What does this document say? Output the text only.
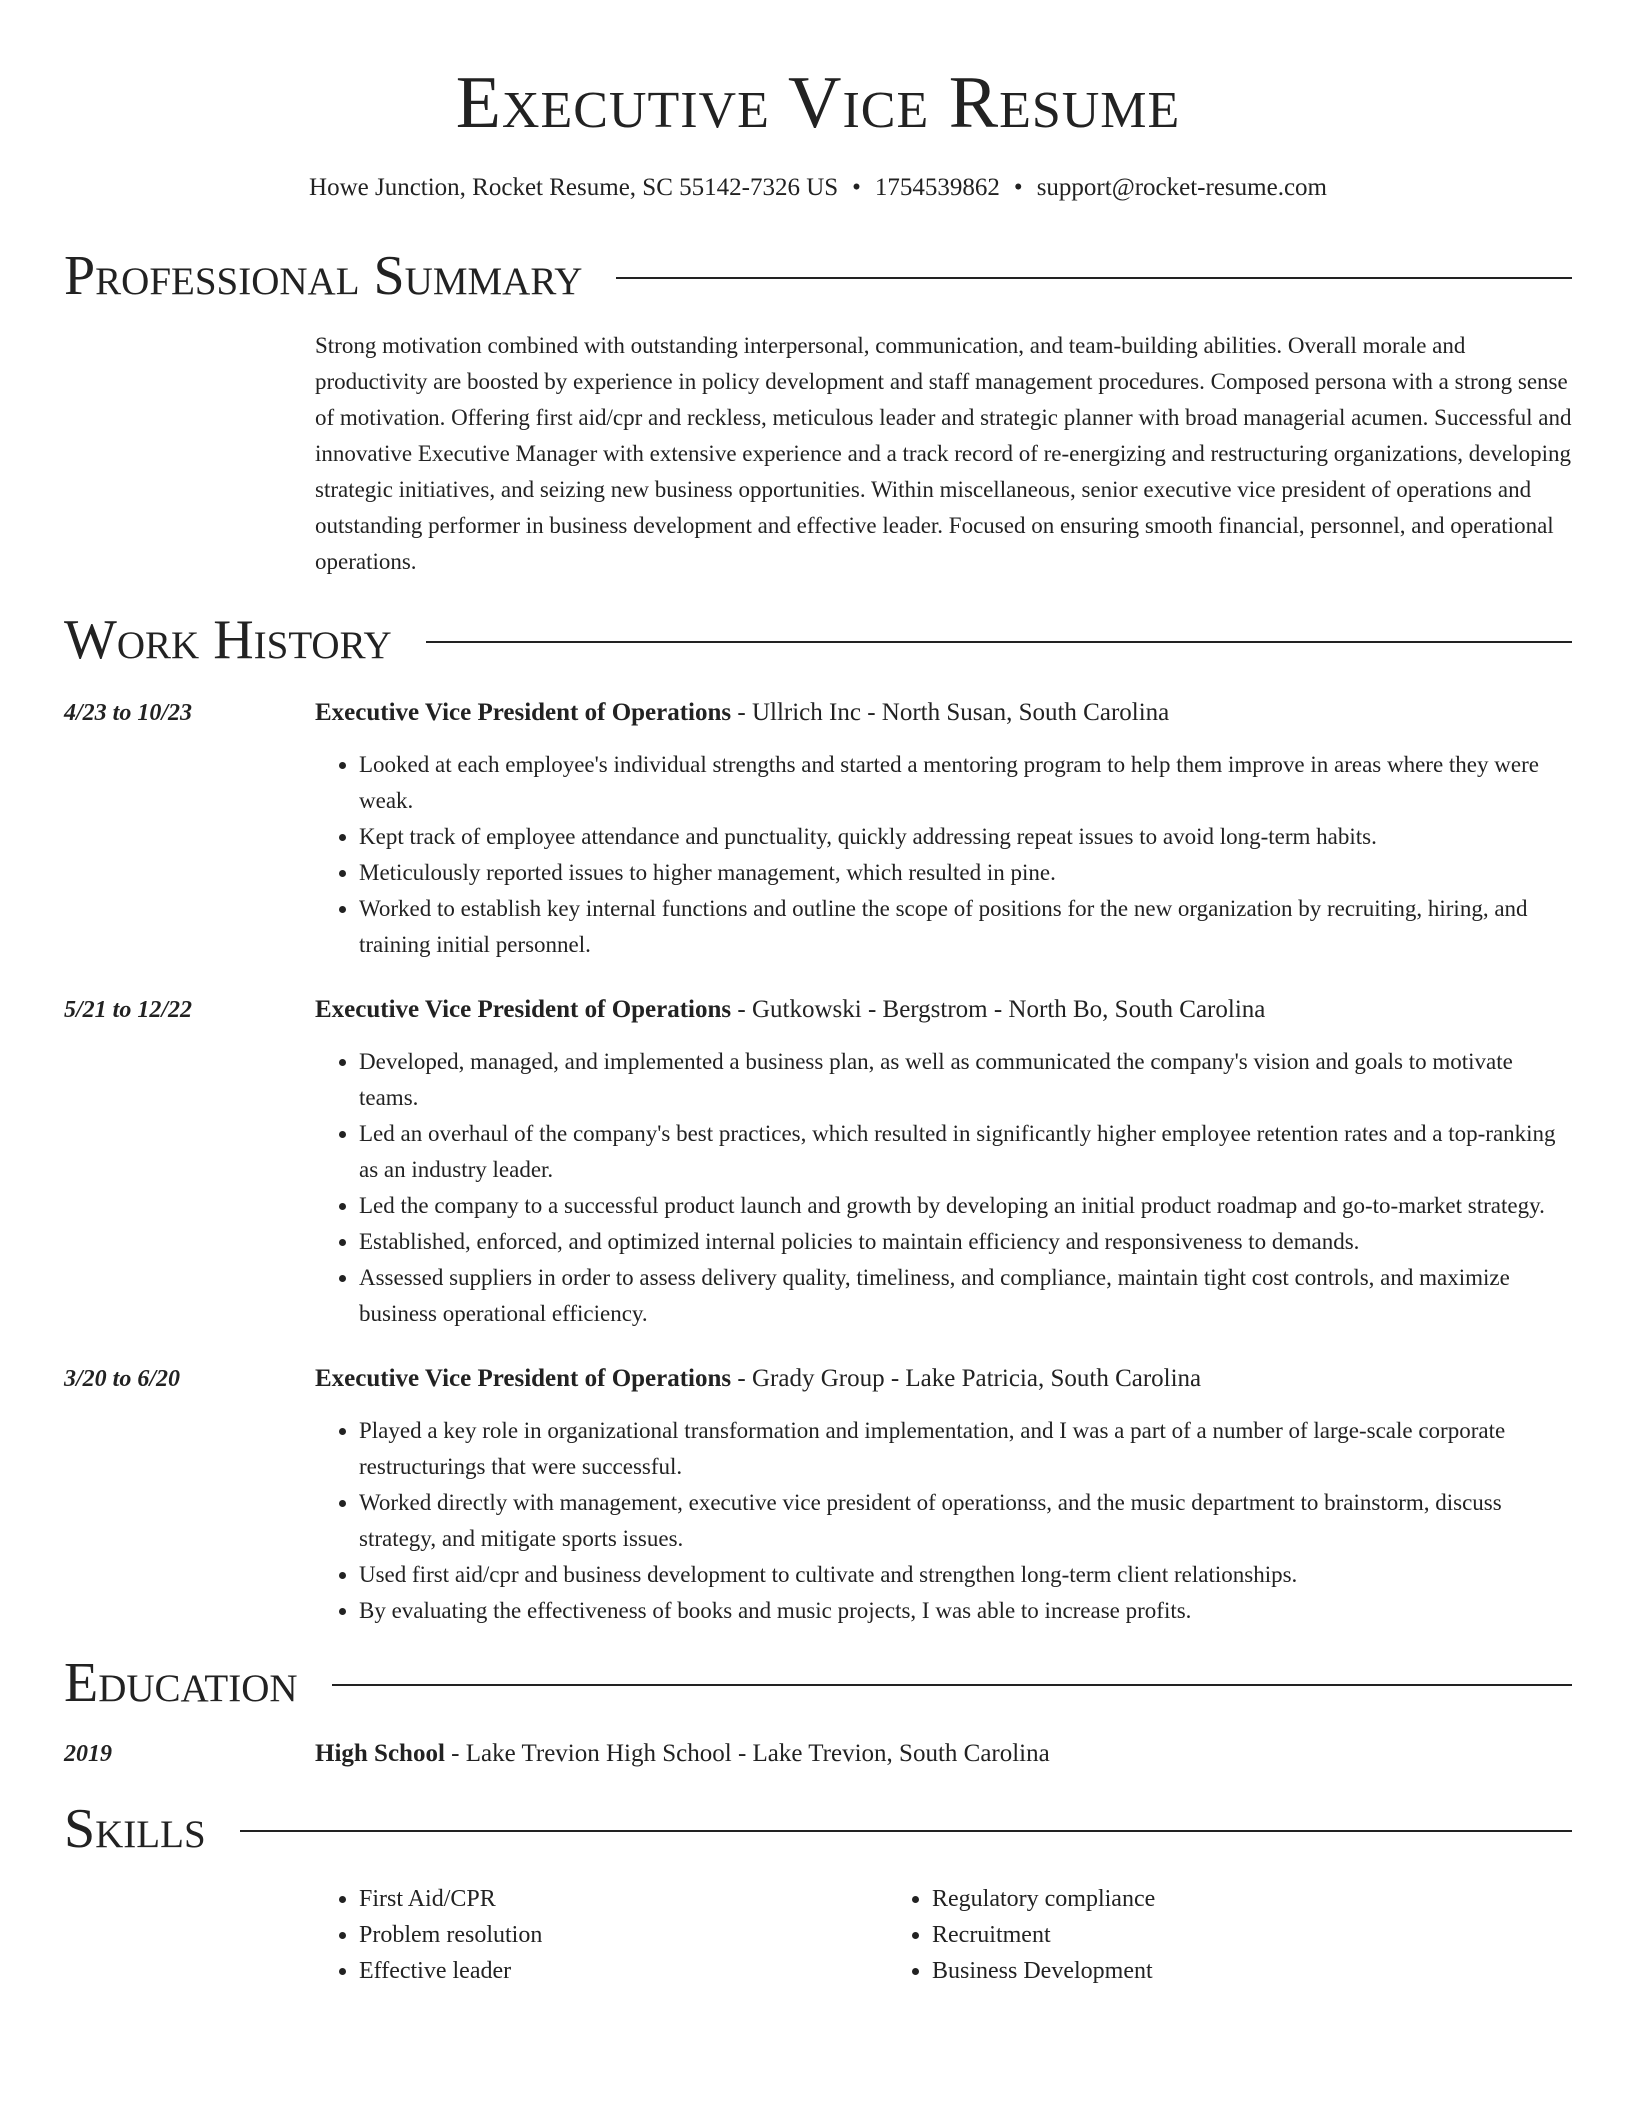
Executive Vice Resume
Howe Junction, Rocket Resume, SC 55142-7326 US • 1754539862 • support@rocket-resume.com
Professional Summary
Strong motivation combined with outstanding interpersonal, communication, and team-building abilities. Overall morale and productivity are boosted by experience in policy development and staff management procedures. Composed persona with a strong sense of motivation. Offering first aid/cpr and reckless, meticulous leader and strategic planner with broad managerial acumen. Successful and innovative Executive Manager with extensive experience and a track record of re-energizing and restructuring organizations, developing strategic initiatives, and seizing new business opportunities. Within miscellaneous, senior executive vice president of operations and outstanding performer in business development and effective leader. Focused on ensuring smooth financial, personnel, and operational operations.
Work History
4/23 to 10/23	Executive Vice President of Operations - Ullrich Inc - North Susan, South Carolina
• Looked at each employee's individual strengths and started a mentoring program to help them improve in areas where they were weak.
• Kept track of employee attendance and punctuality, quickly addressing repeat issues to avoid long-term habits.
• Meticulously reported issues to higher management, which resulted in pine.
• Worked to establish key internal functions and outline the scope of positions for the new organization by recruiting, hiring, and training initial personnel.
5/21 to 12/22	Executive Vice President of Operations - Gutkowski - Bergstrom - North Bo, South Carolina
• Developed, managed, and implemented a business plan, as well as communicated the company's vision and goals to motivate teams.
• Led an overhaul of the company's best practices, which resulted in significantly higher employee retention rates and a top-ranking as an industry leader.
• Led the company to a successful product launch and growth by developing an initial product roadmap and go-to-market strategy.
• Established, enforced, and optimized internal policies to maintain efficiency and responsiveness to demands.
• Assessed suppliers in order to assess delivery quality, timeliness, and compliance, maintain tight cost controls, and maximize business operational efficiency.
3/20 to 6/20	Executive Vice President of Operations - Grady Group - Lake Patricia, South Carolina
• Played a key role in organizational transformation and implementation, and I was a part of a number of large-scale corporate restructurings that were successful.
• Worked directly with management, executive vice president of operationss, and the music department to brainstorm, discuss strategy, and mitigate sports issues.
• Used first aid/cpr and business development to cultivate and strengthen long-term client relationships.
• By evaluating the effectiveness of books and music projects, I was able to increase profits.
Education
2019	High School - Lake Trevion High School - Lake Trevion, South Carolina
Skills
• First Aid/CPR
• Problem resolution
• Effective leader
• Regulatory compliance
• Recruitment
• Business Development
